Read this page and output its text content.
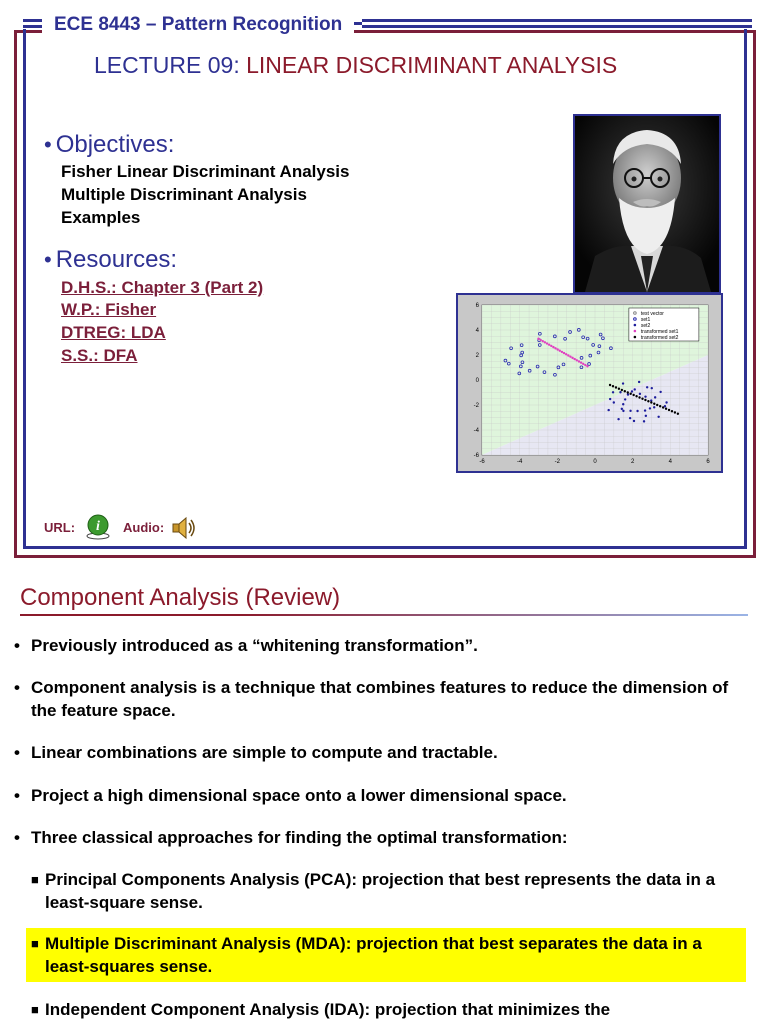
ECE 8443 – Pattern Recognition
LECTURE 09: LINEAR DISCRIMINANT ANALYSIS
• Objectives:
Fisher Linear Discriminant Analysis
Multiple Discriminant Analysis
Examples
• Resources:
D.H.S.: Chapter 3 (Part 2)
W.P.: Fisher
DTREG: LDA
S.S.: DFA
-6	-4	-2	0	2	4	6
6
4
2
0
-2
-4
-6
test vector
set1
set2
transformed set1
transformed set2
URL: i Audio:
Component Analysis (Review)
• Previously introduced as a “whitening transformation”.
• Component analysis is a technique that combines features to reduce the dimension of the feature space.
• Linear combinations are simple to compute and tractable.
• Project a high dimensional space onto a lower dimensional space.
• Three classical approaches for finding the optimal transformation:
■ Principal Components Analysis (PCA): projection that best represents the data in a least-square sense.
■ Multiple Discriminant Analysis (MDA): projection that best separates the data in a least-squares sense.
■ Independent Component Analysis (IDA): projection that minimizes the
